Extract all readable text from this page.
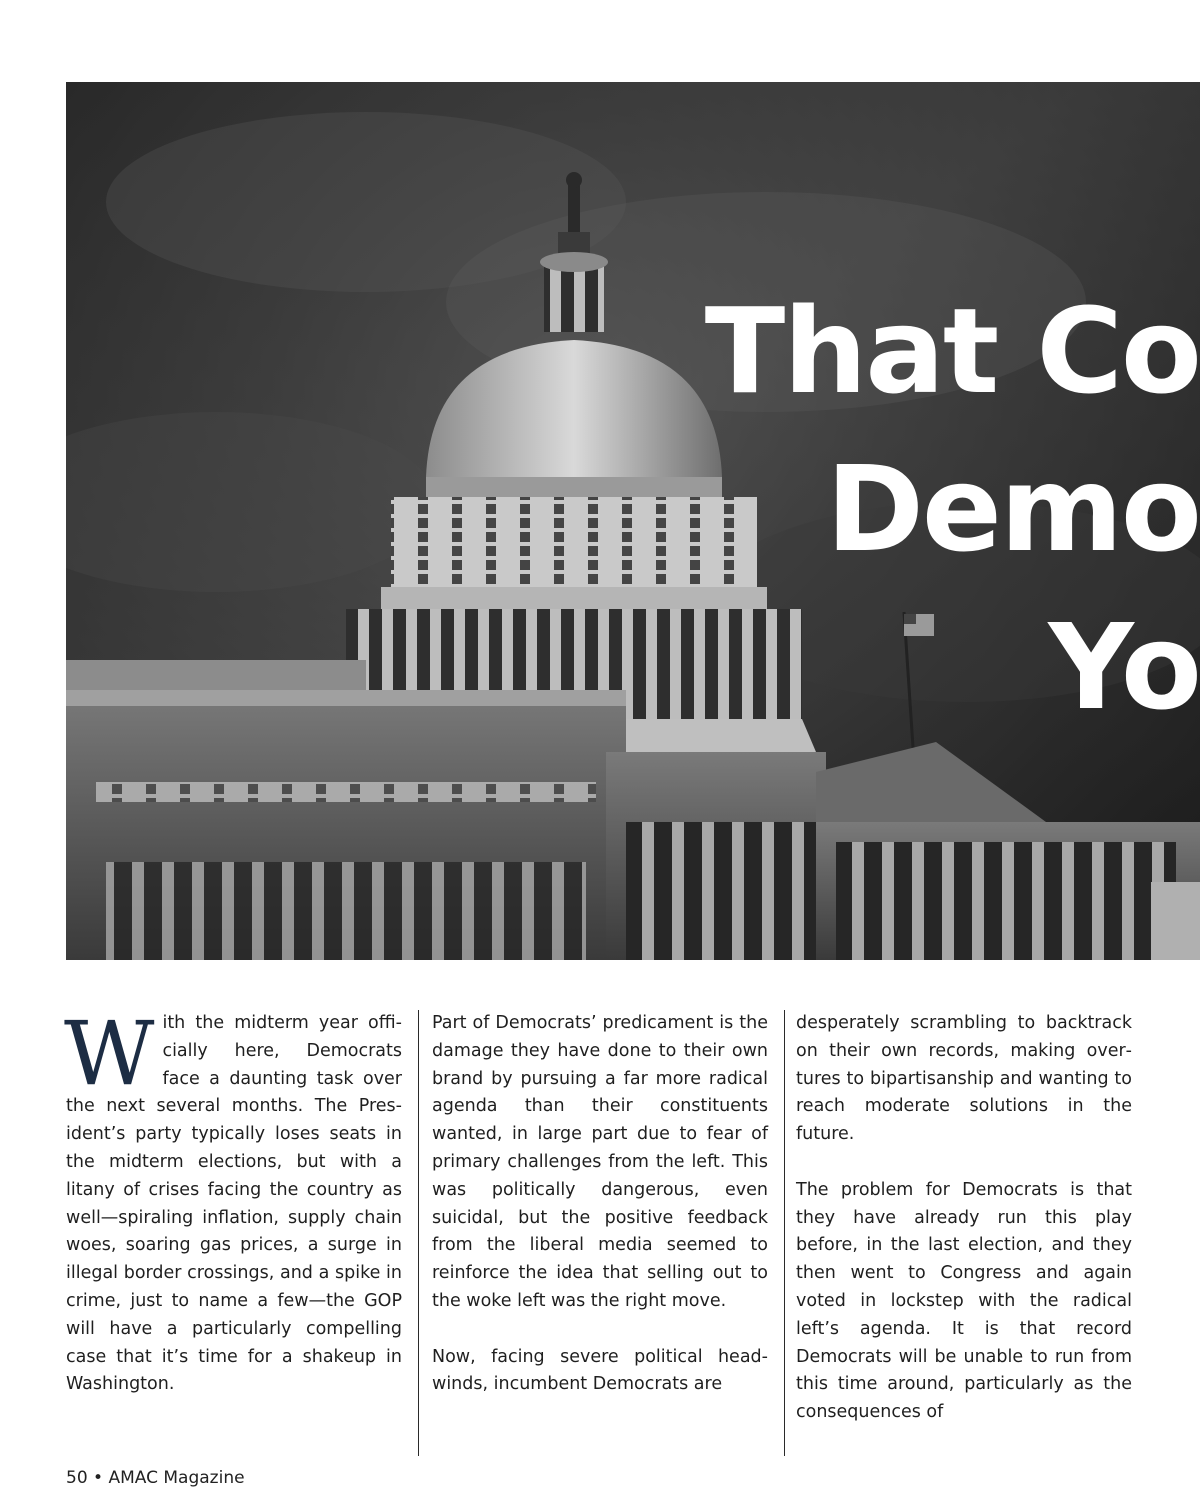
That Co
Demo
Yo

With the midterm year officially here, Democrats face a daunting task over the next several months. The President’s party typically loses seats in the midterm elections, but with a litany of crises facing the country as well—spiraling inflation, supply chain woes, soaring gas prices, a surge in illegal border crossings, and a spike in crime, just to name a few—the GOP will have a particularly compelling case that it’s time for a shakeup in Washington.

Part of Democrats’ predicament is the damage they have done to their own brand by pursuing a far more radical agenda than their constituents wanted, in large part due to fear of primary challenges from the left. This was politically dangerous, even suicidal, but the positive feedback from the liberal media seemed to reinforce the idea that selling out to the woke left was the right move.

Now, facing severe political headwinds, incumbent Democrats are

desperately scrambling to backtrack on their own records, making overtures to bipartisanship and wanting to reach moderate solutions in the future.

The problem for Democrats is that they have already run this play before, in the last election, and they then went to Congress and again voted in lockstep with the radical left’s agenda. It is that record Democrats will be unable to run from this time around, particularly as the consequences of

50 • AMAC Magazine
